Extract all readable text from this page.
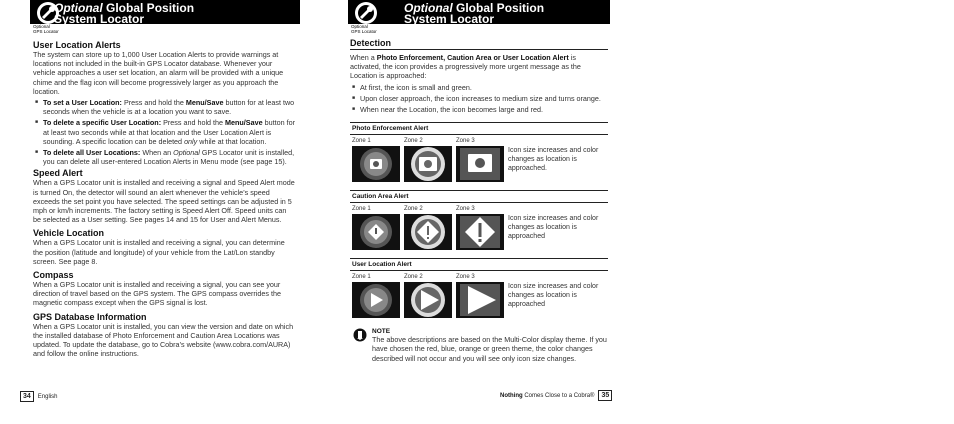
Optional
GPS Locator
Optional Global Position
System Locator
User Location Alerts

The system can store up to 1,000 User Location Alerts to provide warnings at locations not included in the built-in GPS Locator database. Whenever your vehicle approaches a user set location, an alarm will be provided with a unique chime and the flag icon will become progressively larger as you approach the location.

■ To set a User Location: Press and hold the Menu/Save button for at least two seconds when the vehicle is at a location you want to save.
■ To delete a specific User Location: Press and hold the Menu/Save button for at least two seconds while at that location and the User Location Alert is sounding. A specific location can be deleted only while at that location.
■ To delete all User Locations: When an Optional GPS Locator unit is installed, you can delete all user-entered Location Alerts in Menu mode (see page 15).
Speed Alert

When a GPS Locator unit is installed and receiving a signal and Speed Alert mode is turned On, the detector will sound an alert whenever the vehicle’s speed exceeds the set point you have selected. The speed settings can be adjusted in 5 mph or km/h increments. The factory setting is Speed Alert Off. Speed units can be selected as a User setting. See pages 14 and 15 for User and Alert Menus.

Vehicle Location

When a GPS Locator unit is installed and receiving a signal, you can determine the position (latitude and longitude) of your vehicle from the Lat/Lon standby screen. See page 8.

Compass

When a GPS Locator unit is installed and receiving a signal, you can see your direction of travel based on the GPS system. The GPS compass overrides the magnetic compass except when the GPS signal is lost.

GPS Database Information

When a GPS Locator unit is installed, you can view the version and date on which the installed database of Photo Enforcement and Caution Area Locations was updated. To update the database, go to Cobra’s website (www.cobra.com/AURA) and follow the online instructions.

34	English
Optional
GPS Locator
Optional Global Position
System Locator
Detection

When a Photo Enforcement, Caution Area or User Location Alert is activated, the icon provides a progressively more urgent message as the Location is approached:

■ At first, the icon is small and green.
■ Upon closer approach, the icon increases to medium size and turns orange.
■ When near the Location, the icon becomes large and red.
Photo Enforcement Alert
Zone 1	Zone 2	Zone 3
Icon size increases and color changes as location is approached.
Caution Area Alert
Zone 1	Zone 2	Zone 3
Icon size increases and color changes as location is approached
User Location Alert
Zone 1	Zone 2	Zone 3
Icon size increases and color changes as location is approached
NOTE

The above descriptions are based on the Multi-Color display theme. If you have chosen the red, blue, orange or green theme, the color changes described will not occur and you will see only icon size changes.

Nothing Comes Close to a Cobra®	35
